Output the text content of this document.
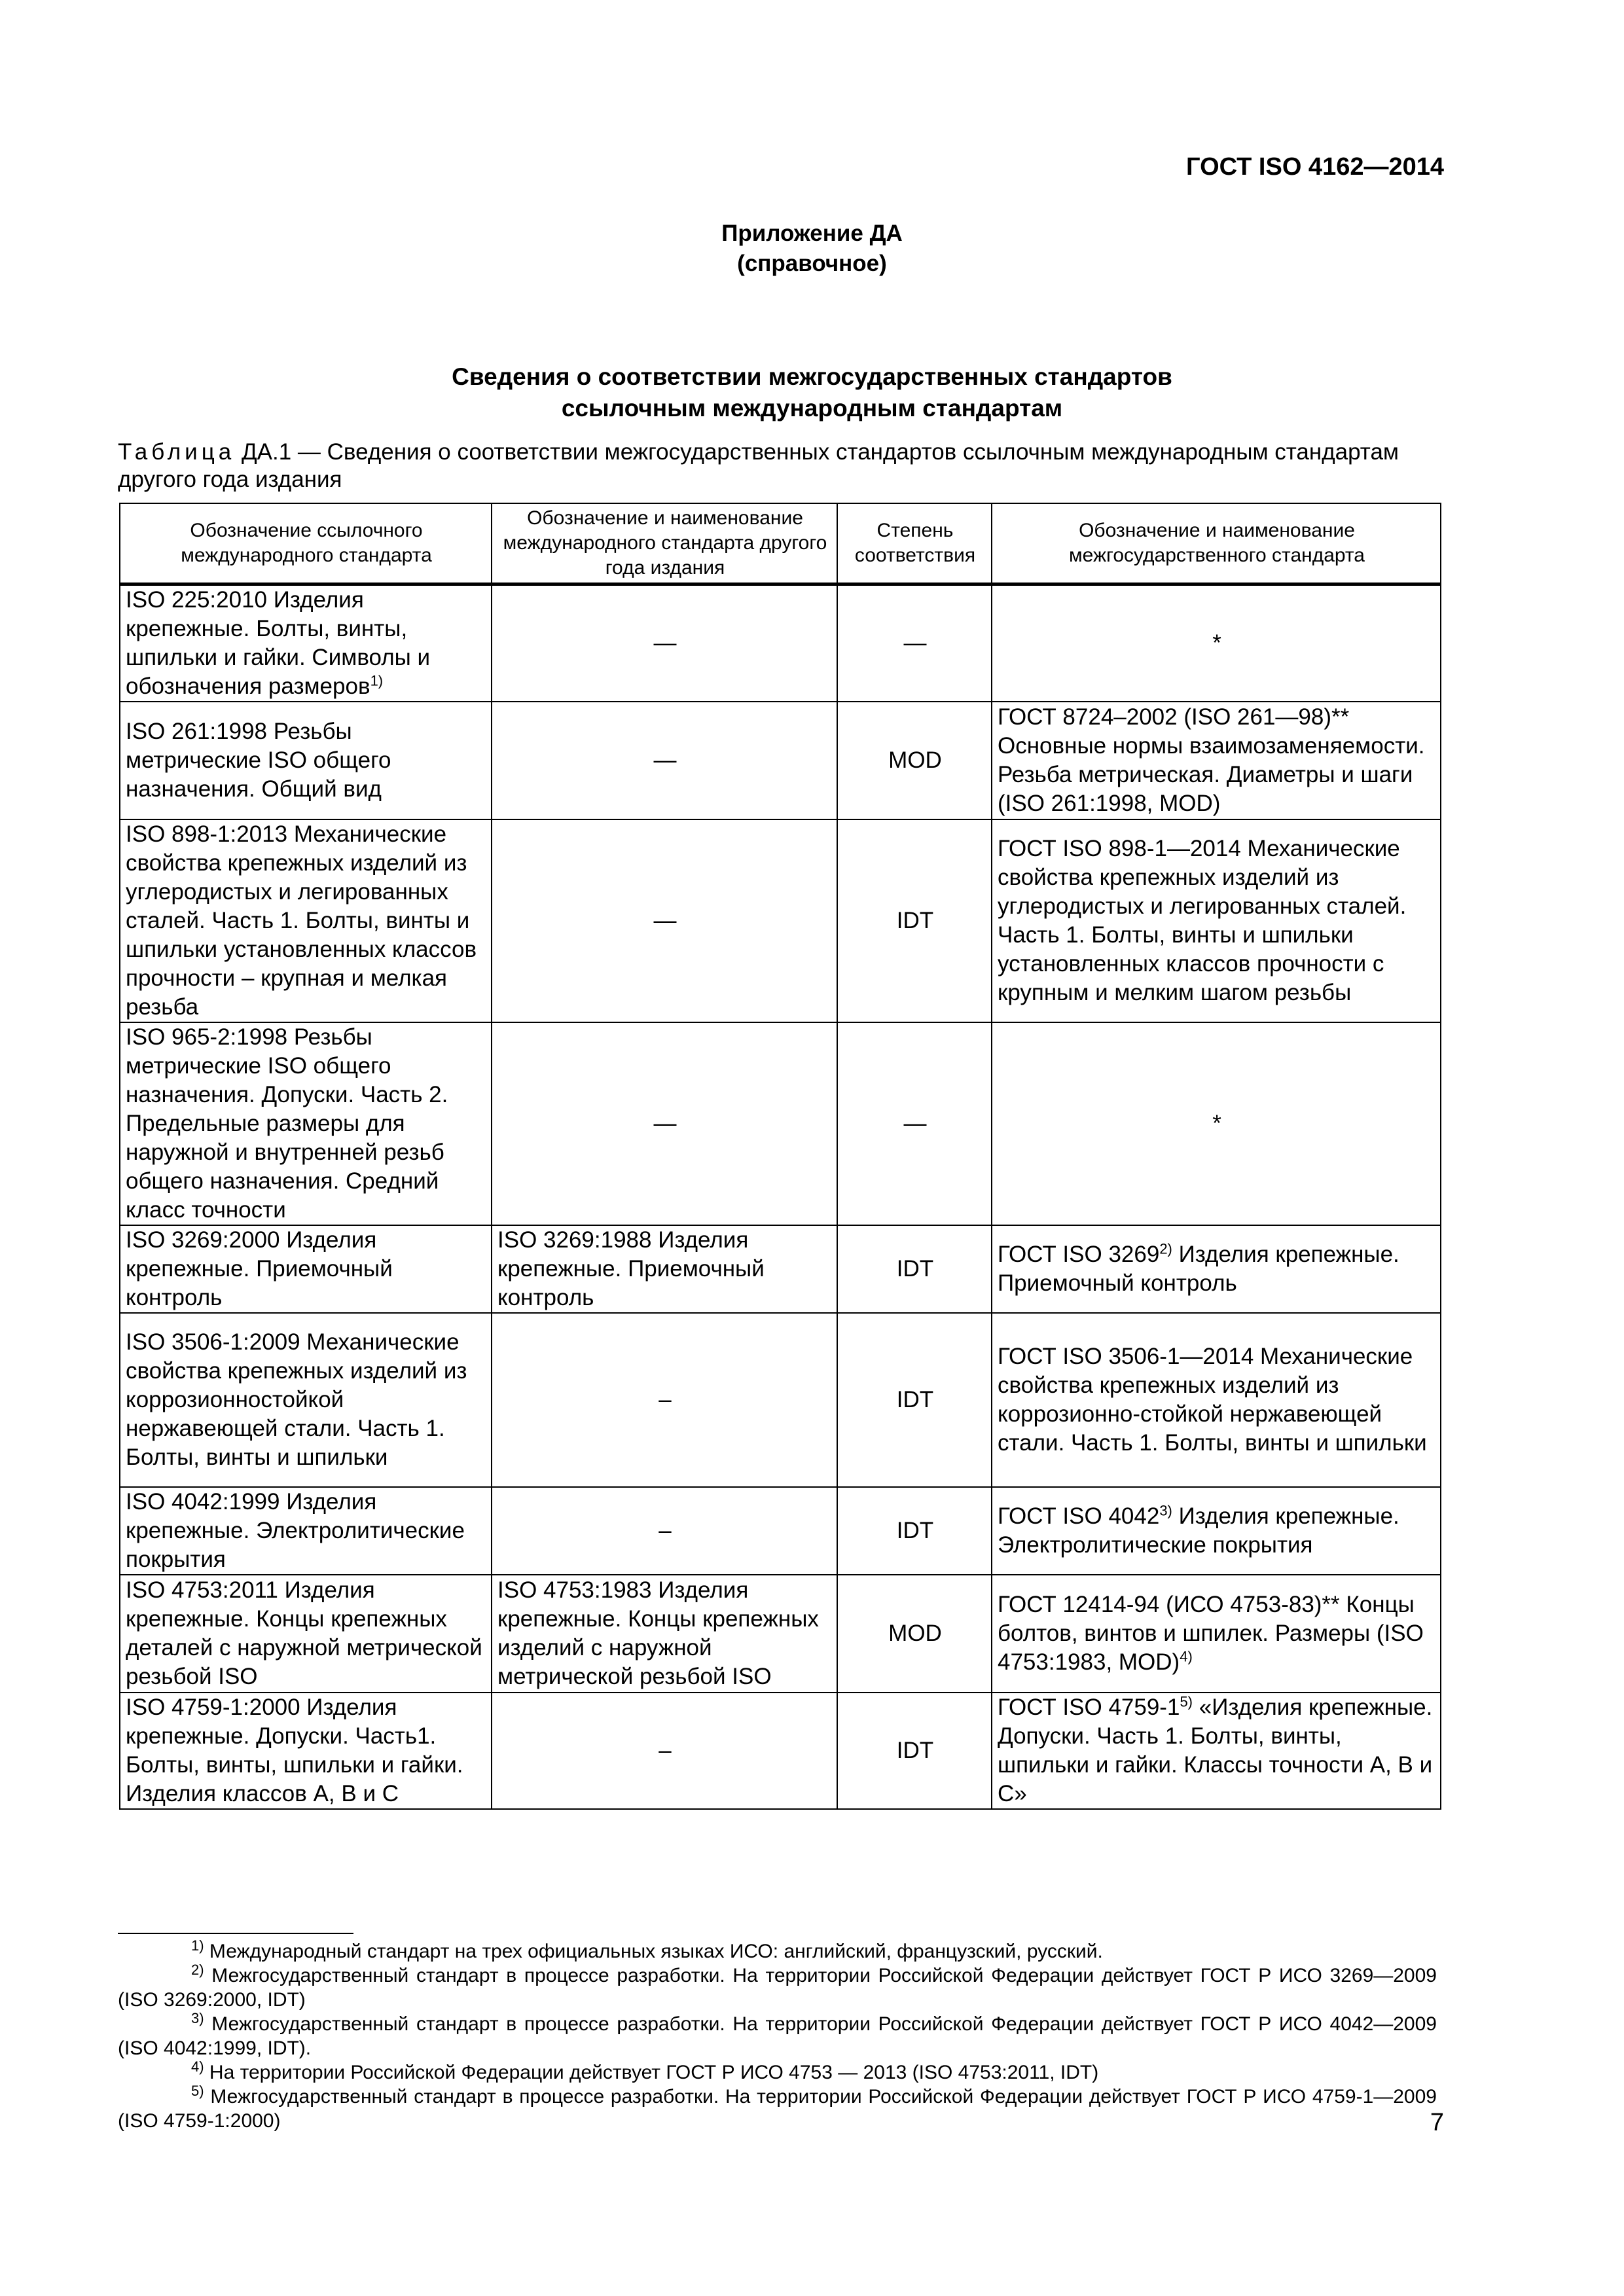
ГОСТ ISO 4162—2014
Приложение ДА
(справочное)
Сведения о соответствии межгосударственных стандартов
ссылочным международным стандартам
Таблица ДА.1 — Сведения о соответствии межгосударственных стандартов ссылочным международным стандартам другого года издания
Обозначение ссылочного международного стандарта	Обозначение и наименование международного стандарта другого года издания	Степень соответствия	Обозначение и наименование межгосударственного стандарта
ISO 225:2010 Изделия крепежные. Болты, винты, шпильки и гайки. Символы и обозначения размеров$^{1)}$	—	—	*
ISO 261:1998 Резьбы метрические ISO общего назначения. Общий вид	—	MOD	ГОСТ 8724–2002 (ISO 261—98)** Основные нормы взаимозаменяемости. Резьба метрическая. Диаметры и шаги (ISO 261:1998, MOD)
ISO 898-1:2013 Механические свойства крепежных изделий из углеродистых и легированных сталей. Часть 1. Болты, винты и шпильки установленных классов прочности – крупная и мелкая резьба	—	IDT	ГОСТ ISO 898-1—2014 Механические свойства крепежных изделий из углеродистых и легированных сталей. Часть 1. Болты, винты и шпильки установленных классов прочности с крупным и мелким шагом резьбы
ISO 965-2:1998 Резьбы метрические ISO общего назначения. Допуски. Часть 2. Предельные размеры для наружной и внутренней резьб общего назначения. Средний класс точности	—	—	*
ISO 3269:2000 Изделия крепежные. Приемочный контроль	ISO 3269:1988 Изделия крепежные. Приемочный контроль	IDT	ГОСТ ISO 3269$^{2)}$ Изделия крепежные. Приемочный контроль
ISO 3506-1:2009 Механические свойства крепежных изделий из коррозионностойкой нержавеющей стали. Часть 1. Болты, винты и шпильки	–	IDT	ГОСТ ISO 3506-1—2014 Механические свойства крепежных изделий из коррозионно-стойкой нержавеющей стали. Часть 1. Болты, винты и шпильки
ISO 4042:1999 Изделия крепежные. Электролитические покрытия	–	IDT	ГОСТ ISO 4042$^{3)}$ Изделия крепежные. Электролитические покрытия
ISO 4753:2011 Изделия крепежные. Концы крепежных деталей с наружной метрической резьбой ISO	ISO 4753:1983 Изделия крепежные. Концы крепежных изделий с наружной метрической резьбой ISO	MOD	ГОСТ 12414-94 (ИСО 4753-83)** Концы болтов, винтов и шпилек. Размеры (ISO 4753:1983, MOD)$^{4)}$
ISO 4759-1:2000 Изделия крепежные. Допуски. Часть1. Болты, винты, шпильки и гайки. Изделия классов А, В и С	–	IDT	ГОСТ ISO 4759-1$^{5)}$ «Изделия крепежные. Допуски. Часть 1. Болты, винты, шпильки и гайки. Классы точности А, В и С»

$^{1)}$ Международный стандарт на трех официальных языках ИСО: английский, французский, русский.

$^{2)}$ Межгосударственный стандарт в процессе разработки. На территории Российской Федерации действует ГОСТ Р ИСО 3269—2009 (ISO 3269:2000, IDT)

$^{3)}$ Межгосударственный стандарт в процессе разработки. На территории Российской Федерации действует ГОСТ Р ИСО 4042—2009 (ISO 4042:1999, IDT).

$^{4)}$ На территории Российской Федерации действует ГОСТ Р ИСО 4753 — 2013 (ISO 4753:2011, IDT)

$^{5)}$ Межгосударственный стандарт в процессе разработки. На территории Российской Федерации действует ГОСТ Р ИСО 4759-1—2009 (ISO 4759-1:2000)	7
